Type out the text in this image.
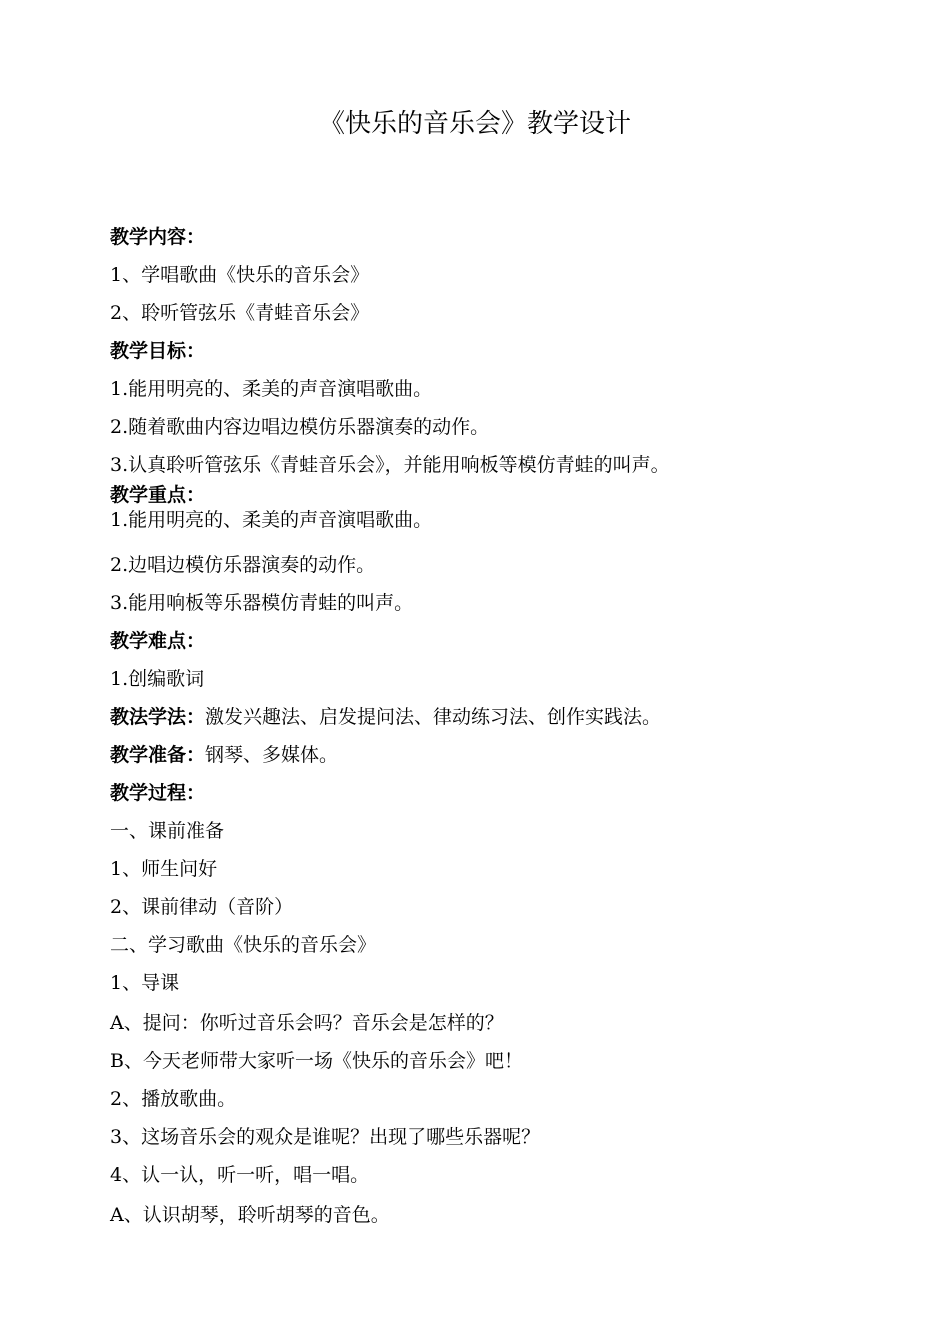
《快乐的音乐会》教学设计
教学内容：
1、学唱歌曲《快乐的音乐会》
2、聆听管弦乐《青蛙音乐会》
教学目标：
1.能用明亮的、柔美的声音演唱歌曲。
2.随着歌曲内容边唱边模仿乐器演奏的动作。
3.认真聆听管弦乐《青蛙音乐会》，并能用响板等模仿青蛙的叫声。
教学重点：
1.能用明亮的、柔美的声音演唱歌曲。
2.边唱边模仿乐器演奏的动作。
3.能用响板等乐器模仿青蛙的叫声。
教学难点：
1.创编歌词
教法学法：激发兴趣法、启发提问法、律动练习法、创作实践法。
教学准备：钢琴、多媒体。
教学过程：
一、课前准备
1、师生问好
2、课前律动（音阶）
二、学习歌曲《快乐的音乐会》
1、导课
A、提问：你听过音乐会吗？音乐会是怎样的？
B、今天老师带大家听一场《快乐的音乐会》吧！
2、播放歌曲。
3、这场音乐会的观众是谁呢？出现了哪些乐器呢？
4、认一认，听一听，唱一唱。
A、认识胡琴，聆听胡琴的音色。
